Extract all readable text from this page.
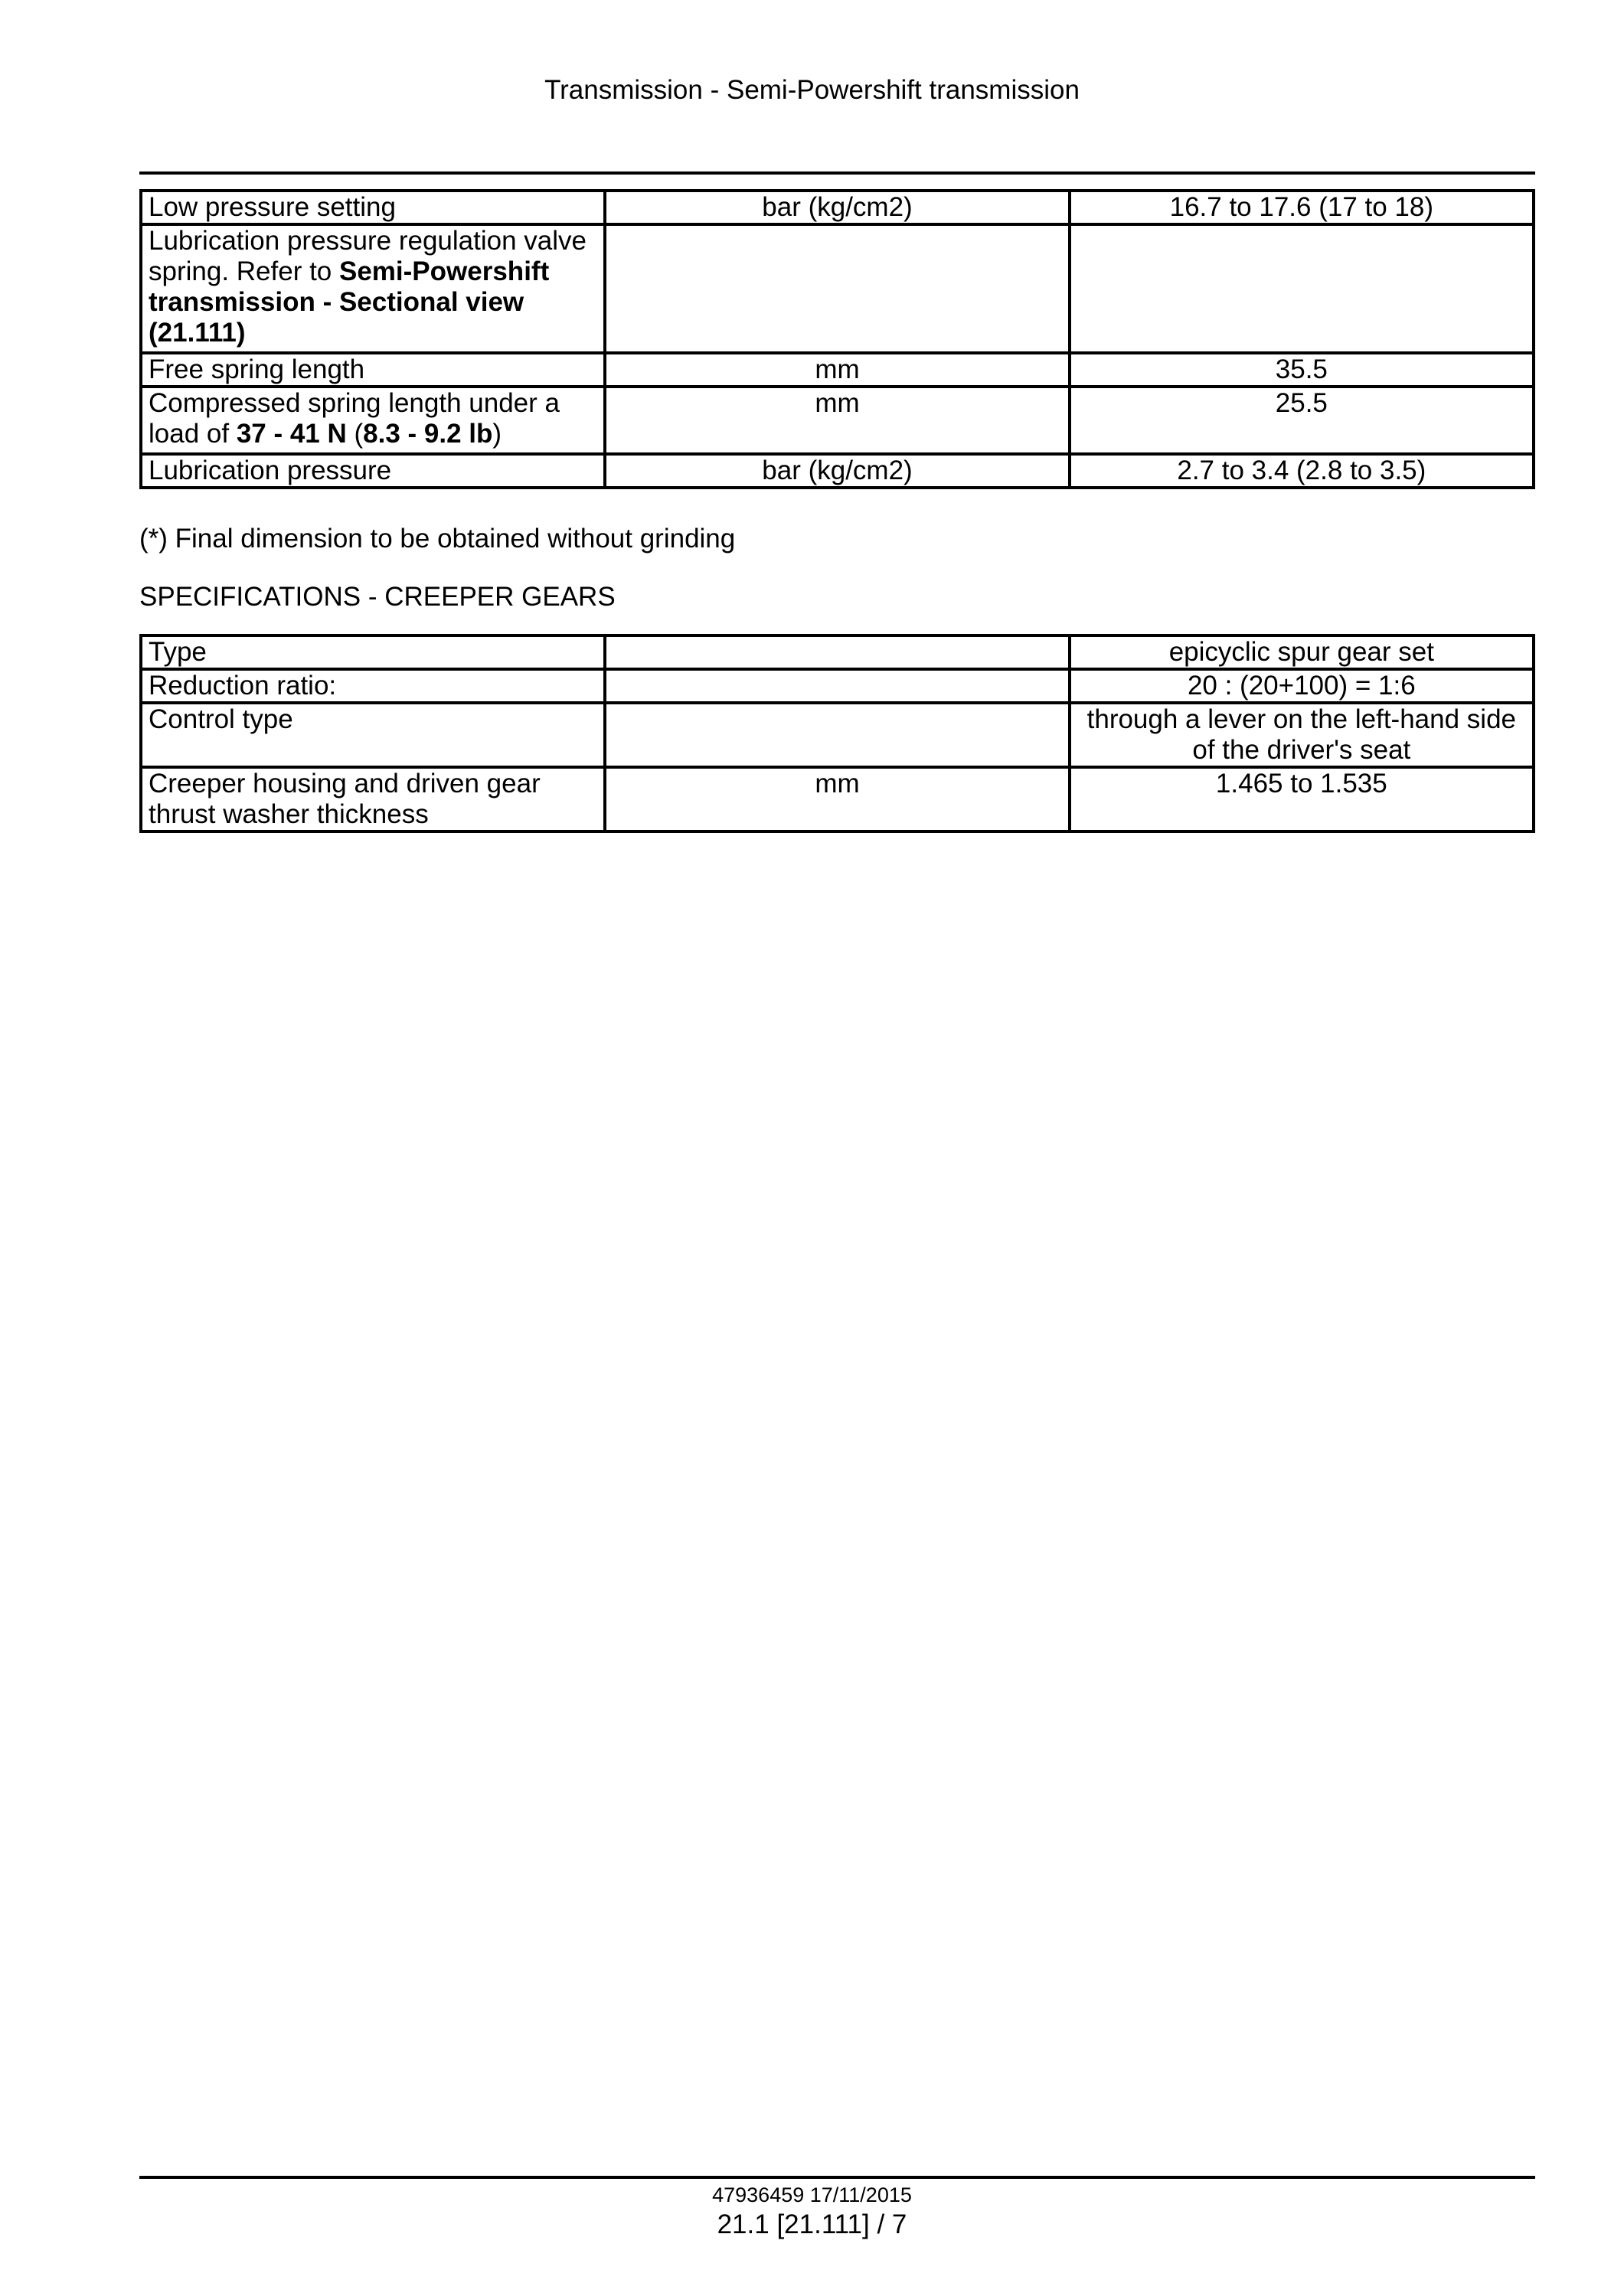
Transmission - Semi-Powershift transmission
Low pressure setting	bar (kg/cm2)	16.7 to 17.6 (17 to 18)
Lubrication pressure regulation valve spring. Refer to Semi-Powershift transmission - Sectional view (21.111)		
Free spring length	mm	35.5
Compressed spring length under a load of 37 - 41 N (8.3 - 9.2 lb)	mm	25.5
Lubrication pressure	bar (kg/cm2)	2.7 to 3.4 (2.8 to 3.5)
(*) Final dimension to be obtained without grinding
SPECIFICATIONS - CREEPER GEARS
Type		epicyclic spur gear set
Reduction ratio:		20 : (20+100) = 1:6
Control type		through a lever on the left-hand side of the driver's seat
Creeper housing and driven gear thrust washer thickness	mm	1.465 to 1.535
47936459 17/11/2015
21.1 [21.111] / 7
